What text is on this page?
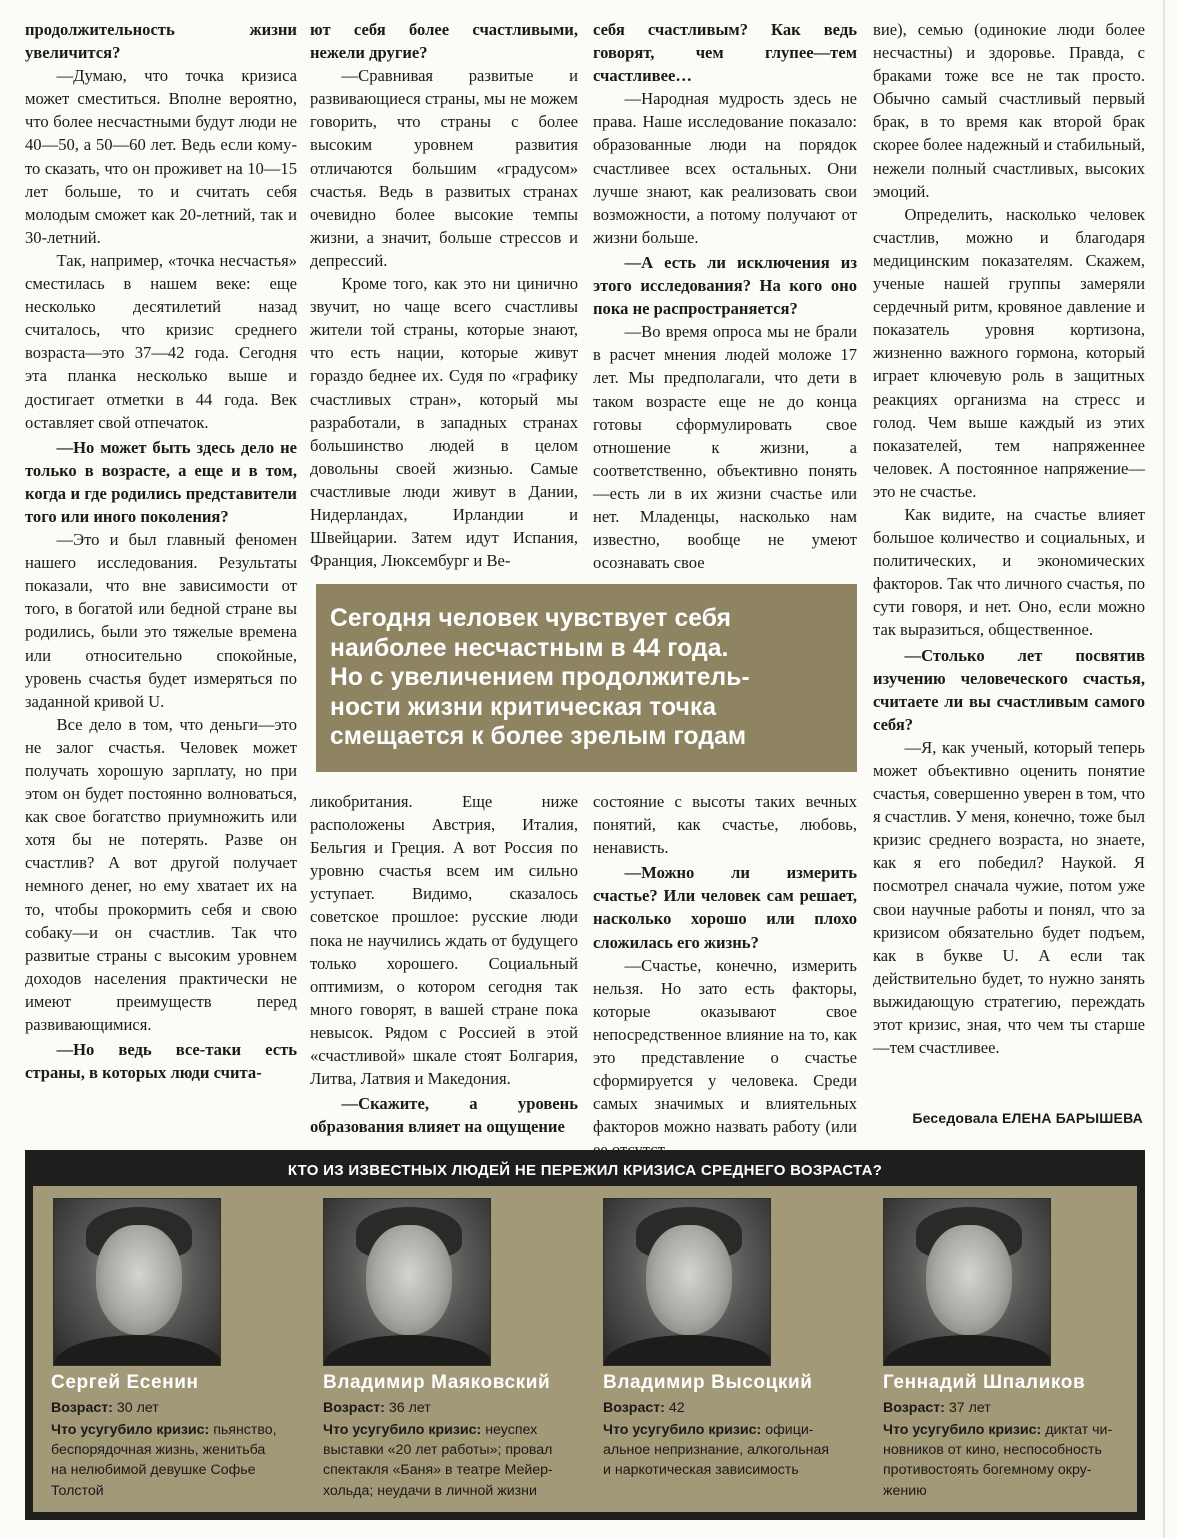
продолжительность жизни увеличится?

—Думаю, что точка кризиса может сместиться. Вполне вероятно, что более несчастными будут люди не 40—50, а 50—60 лет. Ведь если кому-то сказать, что он проживет на 10—15 лет больше, то и считать себя молодым сможет как 20-летний, так и 30-летний.

Так, например, «точка несчастья» сместилась в нашем веке: еще несколько десятилетий назад считалось, что кризис среднего возраста—это 37—42 года. Сегодня эта планка несколько выше и достигает отметки в 44 года. Век оставляет свой отпечаток.

—Но может быть здесь дело не только в возрасте, а еще и в том, когда и где родились представители того или иного поколения?

—Это и был главный феномен нашего исследования. Результаты показали, что вне зависимости от того, в богатой или бедной стране вы родились, были это тяжелые времена или относительно спокойные, уровень счастья будет измеряться по заданной кривой U.

Все дело в том, что деньги—это не залог счастья. Человек может получать хорошую зарплату, но при этом он будет постоянно волноваться, как свое богатство приумножить или хотя бы не потерять. Разве он счастлив? А вот другой получает немного денег, но ему хватает их на то, чтобы прокормить себя и свою собаку—и он счастлив. Так что развитые страны с высоким уровнем доходов населения практически не имеют преимуществ перед развивающимися.

—Но ведь все-таки есть страны, в которых люди счита-

ют себя более счастливыми, нежели другие?

—Сравнивая развитые и развивающиеся страны, мы не можем говорить, что страны с более высоким уровнем развития отличаются большим «градусом» счастья. Ведь в развитых странах очевидно более высокие темпы жизни, а значит, больше стрессов и депрессий.

Кроме того, как это ни цинично звучит, но чаще всего счастливы жители той страны, которые знают, что есть нации, которые живут гораздо беднее их. Судя по «графику счастливых стран», который мы разработали, в западных странах большинство людей в целом довольны своей жизнью. Самые счастливые люди живут в Дании, Нидерландах, Ирландии и Швейцарии. Затем идут Испания, Франция, Люксембург и Ве-

ликобритания. Еще ниже расположены Австрия, Италия, Бельгия и Греция. А вот Россия по уровню счастья всем им сильно уступает. Видимо, сказалось советское прошлое: русские люди пока не научились ждать от будущего только хорошего. Социальный оптимизм, о котором сегодня так много говорят, в вашей стране пока невысок. Рядом с Россией в этой «счастливой» шкале стоят Болгария, Литва, Латвия и Македония.

—Скажите, а уровень образования влияет на ощущение

себя счастливым? Как ведь говорят, чем глупее—тем счастливее…

—Народная мудрость здесь не права. Наше исследование показало: образованные люди на порядок счастливее всех остальных. Они лучше знают, как реализовать свои возможности, а потому получают от жизни больше.

—А есть ли исключения из этого исследования? На кого оно пока не распространяется?

—Во время опроса мы не брали в расчет мнения людей моложе 17 лет. Мы предполагали, что дети в таком возрасте еще не до конца готовы сформулировать свое отношение к жизни, а соответственно, объективно понять—есть ли в их жизни счастье или нет. Младенцы, насколько нам известно, вообще не умеют осознавать свое

состояние с высоты таких вечных понятий, как счастье, любовь, ненависть.

—Можно ли измерить счастье? Или человек сам решает, насколько хорошо или плохо сложилась его жизнь?

—Счастье, конечно, измерить нельзя. Но зато есть факторы, которые оказывают свое непосредственное влияние на то, как это представление о счастье сформируется у человека. Среди самых значимых и влиятельных факторов можно назвать работу (или

вие), семью (одинокие люди более несчастны) и здоровье. Правда, с браками тоже все не так просто. Обычно самый счастливый первый брак, в то время как второй брак скорее более надежный и стабильный, нежели полный счастливых, высоких эмоций.

Определить, насколько человек счастлив, можно и благодаря медицинским показателям. Скажем, ученые нашей группы замеряли сердечный ритм, кровяное давление и показатель уровня кортизона, жизненно важного гормона, который играет ключевую роль в защитных реакциях организма на стресс и голод. Чем выше каждый из этих показателей, тем напряженнее человек. А постоянное напряжение—это не счастье.

Как видите, на счастье влияет большое количество и социальных, и политических, и экономических факторов. Так что личного счастья, по сути говоря, и нет. Оно, если можно так выразиться, общественное.

—Столько лет посвятив изучению человеческого счастья, считаете ли вы счастливым самого себя?

—Я, как ученый, который теперь может объективно оценить понятие счастья, совершенно уверен в том, что я счастлив. У меня, конечно, тоже был кризис среднего возраста, но знаете, как я его победил? Наукой. Я посмотрел сначала чужие, потом уже свои научные работы и понял, что за кризисом обязательно будет подъем, как в букве U. А если так действительно будет, то нужно занять выжидающую стратегию, переждать этот кризис, зная, что чем ты старше—тем счастливее.

Беседовала ЕЛЕНА БАРЫШЕВА
Сегодня человек чувствует себя
наиболее несчастным в 44 года.
Но с увеличением продолжитель-
ности жизни критическая точка
смещается к более зрелым годам
КТО ИЗ ИЗВЕСТНЫХ ЛЮДЕЙ НЕ ПЕРЕЖИЛ КРИЗИСА СРЕДНЕГО ВОЗРАСТА?
Сергей Есенин
Возраст: 30 лет
Что усугубило кризис: пьянство,
беспорядочная жизнь, женитьба
на нелюбимой девушке Софье
Толстой
Владимир Маяковский
Возраст: 36 лет
Что усугубило кризис: неуспех
выставки «20 лет работы»; провал
спектакля «Баня» в театре Мейер-
хольда; неудачи в личной жизни
Владимир Высоцкий
Возраст: 42
Что усугубило кризис: офици-
альное непризнание, алкогольная
и наркотическая зависимость
Геннадий Шпаликов
Возраст: 37 лет
Что усугубило кризис: диктат чи-
новников от кино, неспособность
противостоять богемному окру-
жению
